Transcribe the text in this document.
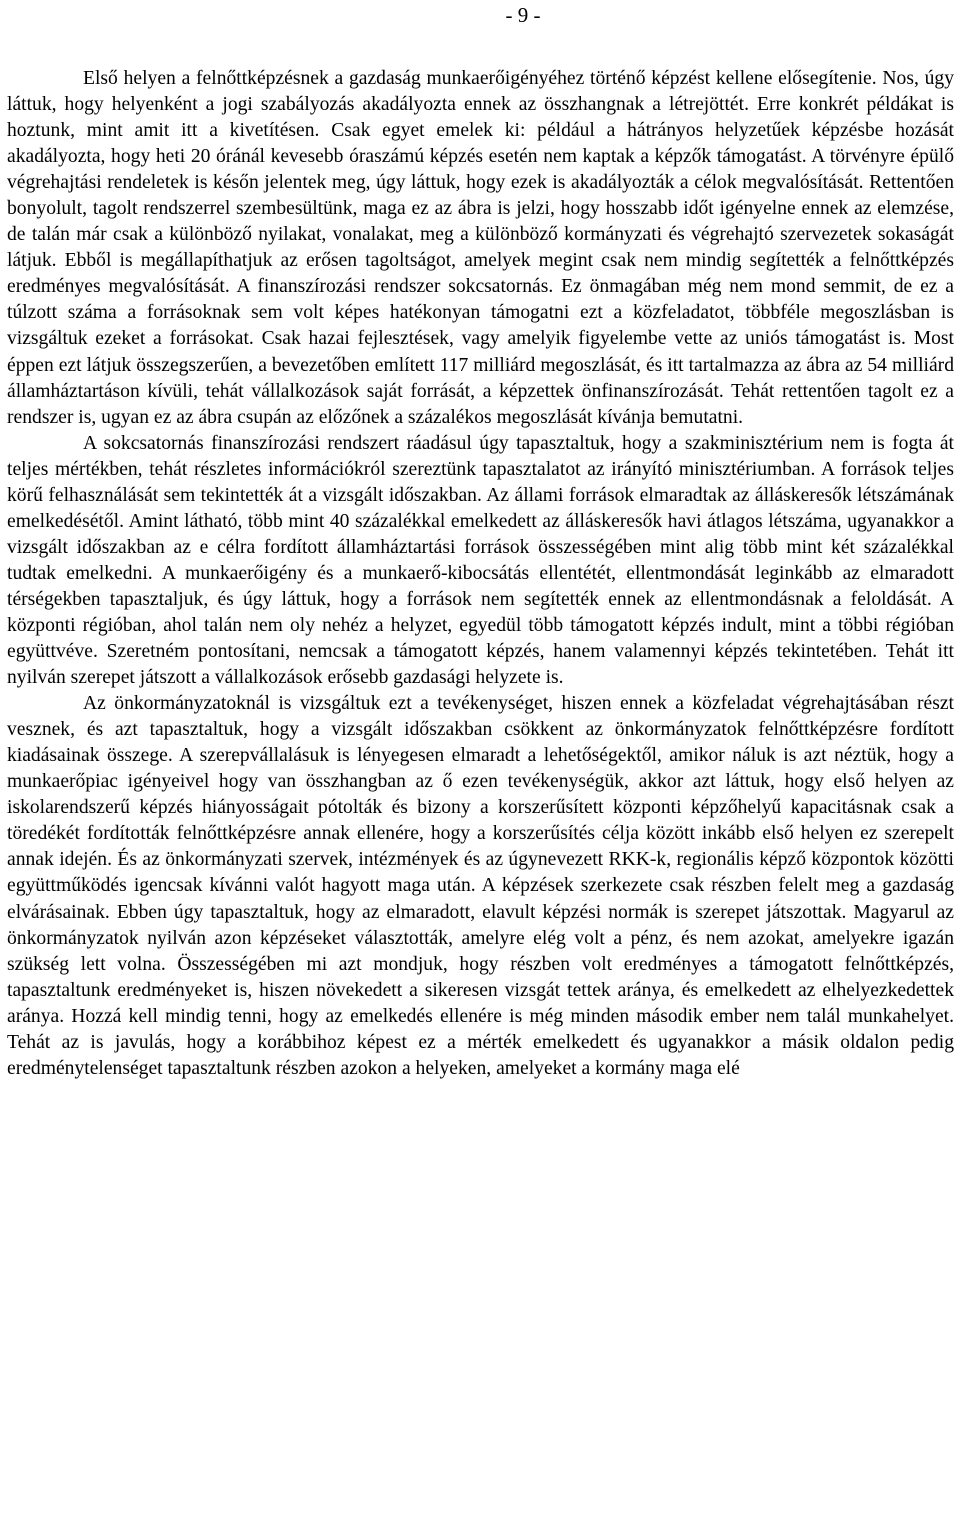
- 9 -

Első helyen a felnőttképzésnek a gazdaság munkaerőigényéhez történő képzést kellene elősegítenie. Nos, úgy láttuk, hogy helyenként a jogi szabályozás akadályozta ennek az összhangnak a létrejöttét. Erre konkrét példákat is hoztunk, mint amit itt a kivetítésen. Csak egyet emelek ki: például a hátrányos helyzetűek képzésbe hozását akadályozta, hogy heti 20 óránál kevesebb óraszámú képzés esetén nem kaptak a képzők támogatást. A törvényre épülő végrehajtási rendeletek is későn jelentek meg, úgy láttuk, hogy ezek is akadályozták a célok megvalósítását. Rettentően bonyolult, tagolt rendszerrel szembesültünk, maga ez az ábra is jelzi, hogy hosszabb időt igényelne ennek az elemzése, de talán már csak a különböző nyilakat, vonalakat, meg a különböző kormányzati és végrehajtó szervezetek sokaságát látjuk. Ebből is megállapíthatjuk az erősen tagoltságot, amelyek megint csak nem mindig segítették a felnőttképzés eredményes megvalósítását. A finanszírozási rendszer sokcsatornás. Ez önmagában még nem mond semmit, de ez a túlzott száma a forrásoknak sem volt képes hatékonyan támogatni ezt a közfeladatot, többféle megoszlásban is vizsgáltuk ezeket a forrásokat. Csak hazai fejlesztések, vagy amelyik figyelembe vette az uniós támogatást is. Most éppen ezt látjuk összegszerűen, a bevezetőben említett 117 milliárd megoszlását, és itt tartalmazza az ábra az 54 milliárd államháztartáson kívüli, tehát vállalkozások saját forrását, a képzettek önfinanszírozását. Tehát rettentően tagolt ez a rendszer is, ugyan ez az ábra csupán az előzőnek a százalékos megoszlását kívánja bemutatni.

A sokcsatornás finanszírozási rendszert ráadásul úgy tapasztaltuk, hogy a szakminisztérium nem is fogta át teljes mértékben, tehát részletes információkról szereztünk tapasztalatot az irányító minisztériumban. A források teljes körű felhasználását sem tekintették át a vizsgált időszakban. Az állami források elmaradtak az álláskeresők létszámának emelkedésétől. Amint látható, több mint 40 százalékkal emelkedett az álláskeresők havi átlagos létszáma, ugyanakkor a vizsgált időszakban az e célra fordított államháztartási források összességében mint alig több mint két százalékkal tudtak emelkedni. A munkaerőigény és a munkaerő-kibocsátás ellentétét, ellentmondását leginkább az elmaradott térségekben tapasztaljuk, és úgy láttuk, hogy a források nem segítették ennek az ellentmondásnak a feloldását. A központi régióban, ahol talán nem oly nehéz a helyzet, egyedül több támogatott képzés indult, mint a többi régióban együttvéve. Szeretném pontosítani, nemcsak a támogatott képzés, hanem valamennyi képzés tekintetében. Tehát itt nyilván szerepet játszott a vállalkozások erősebb gazdasági helyzete is.

Az önkormányzatoknál is vizsgáltuk ezt a tevékenységet, hiszen ennek a közfeladat végrehajtásában részt vesznek, és azt tapasztaltuk, hogy a vizsgált időszakban csökkent az önkormányzatok felnőttképzésre fordított kiadásainak összege. A szerepvállalásuk is lényegesen elmaradt a lehetőségektől, amikor náluk is azt néztük, hogy a munkaerőpiac igényeivel hogy van összhangban az ő ezen tevékenységük, akkor azt láttuk, hogy első helyen az iskolarendszerű képzés hiányosságait pótolták és bizony a korszerűsített központi képzőhelyű kapacitásnak csak a töredékét fordították felnőttképzésre annak ellenére, hogy a korszerűsítés célja között inkább első helyen ez szerepelt annak idején. És az önkormányzati szervek, intézmények és az úgynevezett RKK-k, regionális képző központok közötti együttműködés igencsak kívánni valót hagyott maga után. A képzések szerkezete csak részben felelt meg a gazdaság elvárásainak. Ebben úgy tapasztaltuk, hogy az elmaradott, elavult képzési normák is szerepet játszottak. Magyarul az önkormányzatok nyilván azon képzéseket választották, amelyre elég volt a pénz, és nem azokat, amelyekre igazán szükség lett volna. Összességében mi azt mondjuk, hogy részben volt eredményes a támogatott felnőttképzés, tapasztaltunk eredményeket is, hiszen növekedett a sikeresen vizsgát tettek aránya, és emelkedett az elhelyezkedettek aránya. Hozzá kell mindig tenni, hogy az emelkedés ellenére is még minden második ember nem talál munkahelyet. Tehát az is javulás, hogy a korábbihoz képest ez a mérték emelkedett és ugyanakkor a másik oldalon pedig eredménytelenséget tapasztaltunk részben azokon a helyeken, amelyeket a kormány maga elé
